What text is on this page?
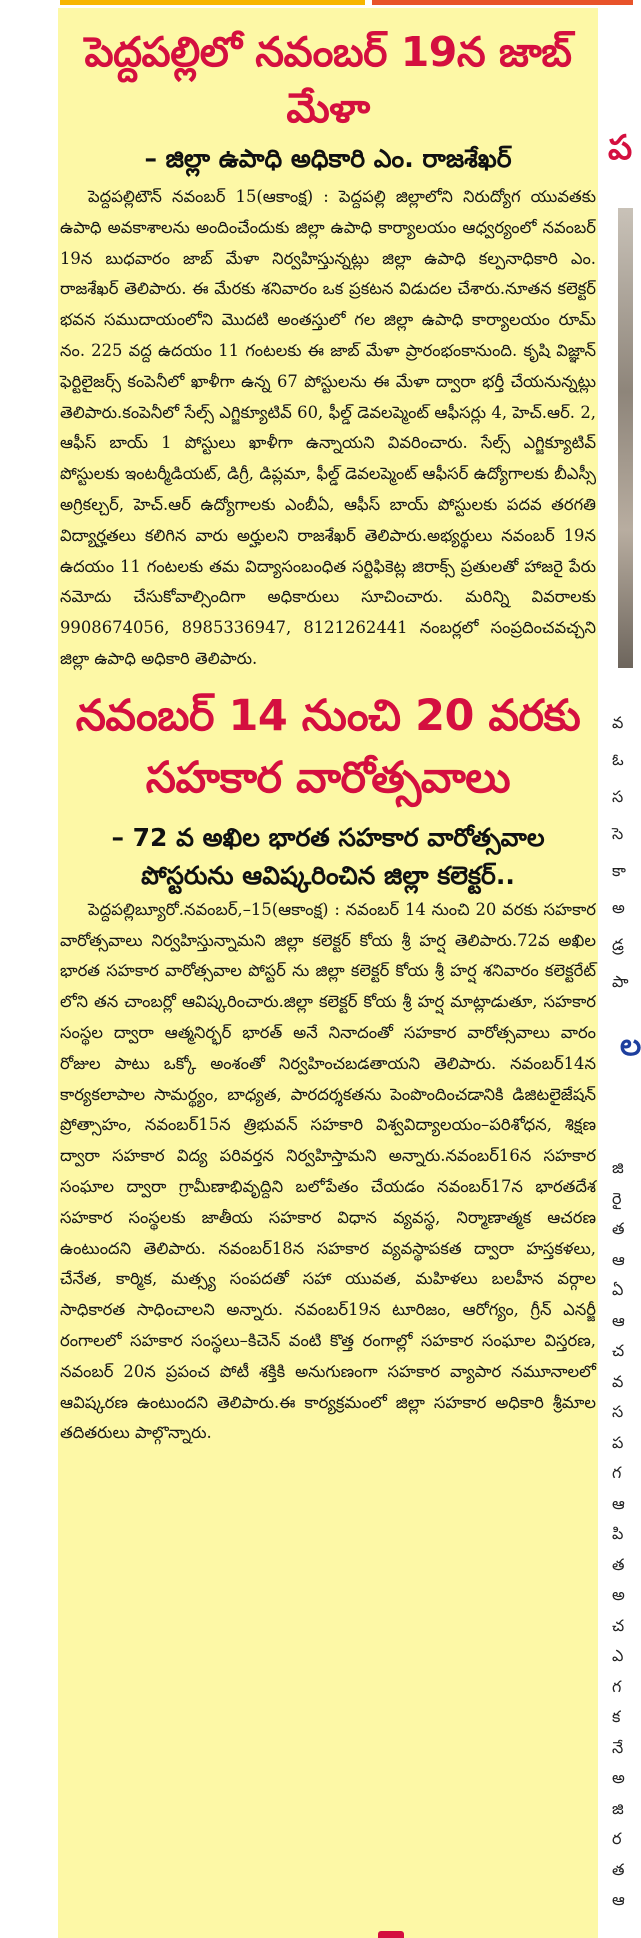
పెద్దపల్లిలో నవంబర్ 19న జాబ్ మేళా
– జిల్లా ఉపాధి అధికారి ఎం. రాజశేఖర్

పెద్దపల్లిటౌన్ నవంబర్ 15(ఆకాంక్ష) : పెద్దపల్లి జిల్లాలోని నిరుద్యోగ యువతకు ఉపాధి అవకాశాలను అందించేందుకు జిల్లా ఉపాధి కార్యాలయం ఆధ్వర్యంలో నవంబర్ 19న బుధవారం జాబ్ మేళా నిర్వహిస్తున్నట్లు జిల్లా ఉపాధి కల్పనాధికారి ఎం. రాజశేఖర్ తెలిపారు. ఈ మేరకు శనివారం ఒక ప్రకటన విడుదల చేశారు.నూతన కలెక్టర్ భవన సముదాయంలోని మొదటి అంతస్తులో గల జిల్లా ఉపాధి కార్యాలయం రూమ్ నం. 225 వద్ద ఉదయం 11 గంటలకు ఈ జాబ్ మేళా ప్రారంభంకానుంది. కృషి విజ్ఞాన్ ఫెర్టిలైజర్స్ కంపెనీలో ఖాళీగా ఉన్న 67 పోస్టులను ఈ మేళా ద్వారా భర్తీ చేయనున్నట్లు తెలిపారు.కంపెనీలో సేల్స్ ఎగ్జిక్యూటివ్ 60, ఫీల్డ్ డెవలప్మెంట్ ఆఫీసర్లు 4, హెచ్.ఆర్. 2, ఆఫీస్ బాయ్ 1 పోస్టులు ఖాళీగా ఉన్నాయని వివరించారు. సేల్స్ ఎగ్జిక్యూటివ్ పోస్టులకు ఇంటర్మీడియట్, డిగ్రీ, డిప్లమా, ఫీల్డ్ డెవలప్మెంట్ ఆఫీసర్ ఉద్యోగాలకు బీఎస్సీ అగ్రికల్చర్, హెచ్.ఆర్ ఉద్యోగాలకు ఎంబీఏ, ఆఫీస్ బాయ్ పోస్టులకు పదవ తరగతి విద్యార్హతలు కలిగిన వారు అర్హులని రాజశేఖర్ తెలిపారు.అభ్యర్థులు నవంబర్ 19న ఉదయం 11 గంటలకు తమ విద్యాసంబంధిత సర్టిఫికెట్ల జిరాక్స్ ప్రతులతో హాజరై పేరు నమోదు చేసుకోవాల్సిందిగా అధికారులు సూచించారు. మరిన్ని వివరాలకు 9908674056, 8985336947, 8121262441 నంబర్లలో సంప్రదించవచ్చని జిల్లా ఉపాధి అధికారి తెలిపారు.

నవంబర్ 14 నుంచి 20 వరకు
సహకార వారోత్సవాలు
– 72 వ అఖిల భారత సహకార వారోత్సవాల
పోస్టరును ఆవిష్కరించిన జిల్లా కలెక్టర్..

పెద్దపల్లిబ్యూరో.నవంబర్,–15(ఆకాంక్ష) : నవంబర్ 14 నుంచి 20 వరకు సహకార వారోత్సవాలు నిర్వహిస్తున్నామని జిల్లా కలెక్టర్ కోయ శ్రీ హర్ష తెలిపారు.72వ అఖిల భారత సహకార వారోత్సవాల పోస్టర్ ను జిల్లా కలెక్టర్ కోయ శ్రీ హర్ష శనివారం కలెక్టరేట్ లోని తన చాంబర్లో ఆవిష్కరించారు.జిల్లా కలెక్టర్ కోయ శ్రీ హర్ష మాట్లాడుతూ, సహకార సంస్థల ద్వారా ఆత్మనిర్భర్ భారత్ అనే నినాదంతో సహకార వారోత్సవాలు వారం రోజుల పాటు ఒక్కో అంశంతో నిర్వహించబడతాయని తెలిపారు. నవంబర్14న కార్యకలాపాల సామర్థ్యం, బాధ్యత, పారదర్శకతను పెంపొందించడానికి డిజిటలైజేషన్ ప్రోత్సాహం, నవంబర్15న త్రిభువన్ సహకారి విశ్వవిద్యాలయం–పరిశోధన, శిక్షణ ద్వారా సహకార విద్య పరివర్తన నిర్వహిస్తామని అన్నారు.నవంబర్16న సహకార సంఘాల ద్వారా గ్రామీణాభివృద్దిని బలోపేతం చేయడం నవంబర్17న భారతదేశ సహకార సంస్థలకు జాతీయ సహకార విధాన వ్యవస్థ, నిర్మాణాత్మక ఆచరణ ఉంటుందని తెలిపారు. నవంబర్18న సహకార వ్యవస్థాపకత ద్వారా హస్తకళలు, చేనేత, కార్మిక, మత్స్య సంపదతో సహా యువత, మహిళలు బలహీన వర్గాల సాధికారత సాధించాలని అన్నారు. నవంబర్19న టూరిజం, ఆరోగ్యం, గ్రీన్ ఎనర్జీ రంగాలలో సహకార సంస్థలు–కిచెన్ వంటి కొత్త రంగాల్లో సహకార సంఘాల విస్తరణ, నవంబర్ 20న ప్రపంచ పోటీ శక్తికి అనుగుణంగా సహకార వ్యాపార నమూనాలలో ఆవిష్కరణ ఉంటుందని తెలిపారు.ఈ కార్యక్రమంలో జిల్లా సహకార అధికారి శ్రీమాల తదితరులు పాల్గొన్నారు.

ప
వ
ఓ
స
సె
కా
అ
డ్ర
పా
ల
జి
రై
త
ఆ
ఏ
ఆ
చ
వ
స
ప
గ
ఆ
పి
త
అ
చ
ఎ
గ
క
నే
అ
జి
ర
త
ఆ
